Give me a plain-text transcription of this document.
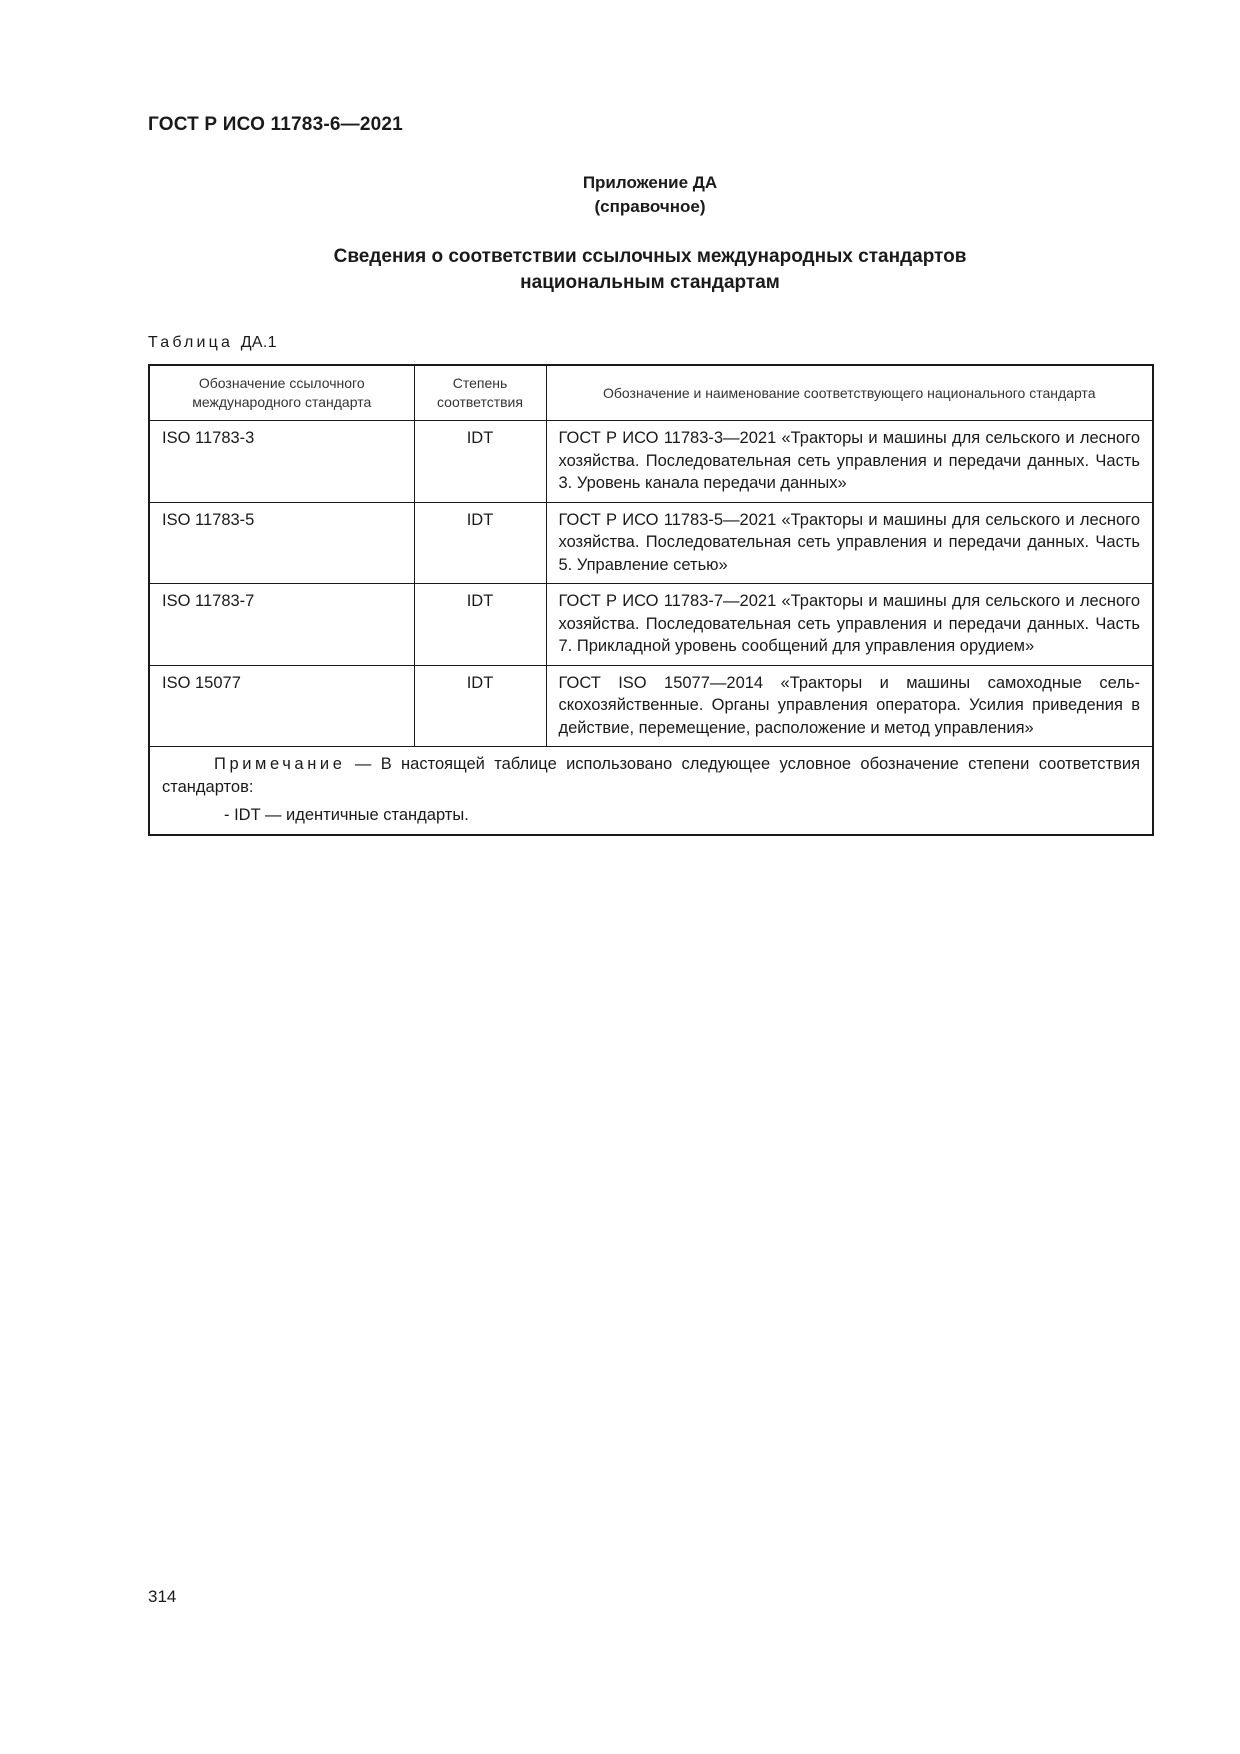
ГОСТ Р ИСО 11783-6—2021
Приложение ДА
(справочное)
Сведения о соответствии ссылочных международных стандартов
национальным стандартам
Таблица ДА.1
Обозначение ссылочного международного стандарта	Степень соответствия	Обозначение и наименование соответствующего национального стандарта
ISO 11783-3	IDT	ГОСТ Р ИСО 11783-3—2021 «Тракторы и машины для сельского и лесного хозяйства. Последовательная сеть управления и передачи данных. Часть 3. Уровень канала передачи данных»
ISO 11783-5	IDT	ГОСТ Р ИСО 11783-5—2021 «Тракторы и машины для сельского и лесного хозяйства. Последовательная сеть управления и передачи данных. Часть 5. Управление сетью»
ISO 11783-7	IDT	ГОСТ Р ИСО 11783-7—2021 «Тракторы и машины для сельского и лесного хозяйства. Последовательная сеть управления и передачи данных. Часть 7. Прикладной уровень сообщений для управления орудием»
ISO 15077	IDT	ГОСТ ISO 15077—2014 «Тракторы и машины самоходные сельскохозяйственные. Органы управления оператора. Усилия приведения в действие, перемещение, расположение и метод управления»

Примечание — В настоящей таблице использовано следующее условное обозначение степени соответствия стандартов:
- IDT — идентичные стандарты.		
314
